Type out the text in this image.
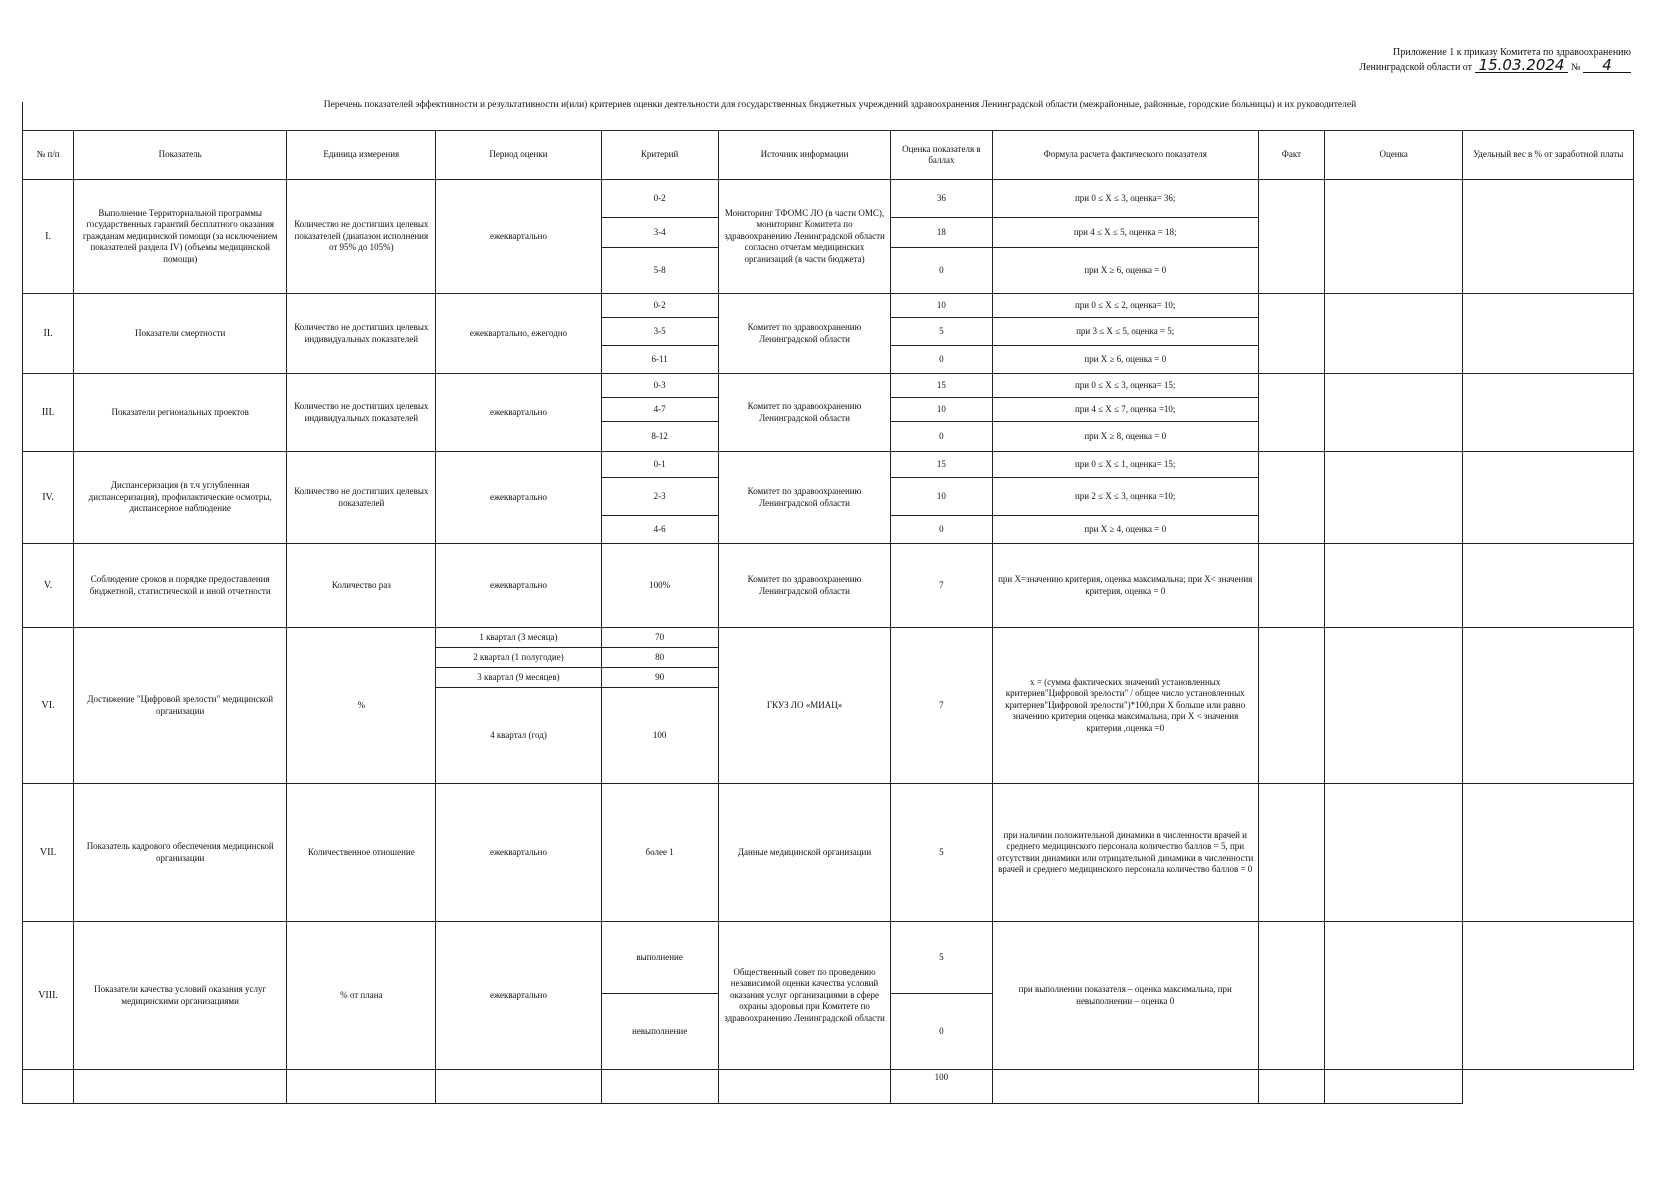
Приложение 1 к приказу Комитета по здравоохранению
Ленинградской области от 15.03.2024 № 4
Перечень показателей эффективности и результативности и(или) критериев оценки деятельности для государственных бюджетных учреждений здравоохранения Ленинградской области (межрайонные, районные, городские больницы) и их руководителей
№ п/п	Показатель	Единица измерения	Период оценки	Критерий	Источник информации	Оценка показателя в баллах	Формула расчета фактического показателя	Факт	Оценка	Удельный вес в % от заработной платы
I.	Выполнение Территориальной программы государственных гарантий бесплатного оказания гражданам медицинской помощи (за исключением показателей раздела IV) (объемы медицинской помощи)	Количество не достигших целевых показателей (диапазон исполнения от 95% до 105%)	ежеквартально	0-2	Мониторинг ТФОМС ЛО (в части ОМС), мониторинг Комитета по здравоохранению Ленинградской области согласно отчетам медицинских организаций (в части бюджета)	36	при 0 ≤ X ≤ 3, оценка= 36;			
				3-4		18	при 4 ≤ X ≤ 5, оценка = 18;			
				5-8		0	при X ≥ 6, оценка = 0			
II.	Показатели смертности	Количество не достигших целевых индивидуальных показателей	ежеквартально, ежегодно	0-2	Комитет по здравоохранению Ленинградской области	10	при 0 ≤ X ≤ 2, оценка= 10;			
				3-5		5	при 3 ≤ X ≤ 5, оценка = 5;			
				6-11		0	при X ≥ 6, оценка = 0			
III.	Показатели региональных проектов	Количество не достигших целевых индивидуальных показателей	ежеквартально	0-3	Комитет по здравоохранению Ленинградской области	15	при 0 ≤ X ≤ 3, оценка= 15;			
				4-7		10	при 4 ≤ X ≤ 7, оценка =10;			
				8-12		0	при X ≥ 8, оценка = 0			
IV.	Диспансеризация (в т.ч углубленная диспансеризация), профилактические осмотры, диспансерное наблюдение	Количество не достигших целевых показателей	ежеквартально	0-1	Комитет по здравоохранению Ленинградской области	15	при 0 ≤ X ≤ 1, оценка= 15;			
				2-3		10	при 2 ≤ X ≤ 3, оценка =10;			
				4-6		0	при X ≥ 4, оценка = 0			
V.	Соблюдение сроков и порядке предоставления бюджетной, статистической и иной отчетности	Количество раз	ежеквартально	100%	Комитет по здравоохранению Ленинградской области	7	при X=значению критерия, оценка максимальна; при X< значения критерия, оценка = 0			
VI.	Достижение "Цифровой зрелости" медицинской организации	%	1 квартал (3 месяца)	70	ГКУЗ ЛО «МИАЦ»	7	x = (сумма фактических значений установленных критериев"Цифровой зрелости" / общее число установленных критериев"Цифровой зрелости")*100,при X больше или равно значению критерия оценка максимальна, при X < значения критерия ,оценка =0			
			2 квартал (1 полугодие)	80						
			3 квартал (9 месяцев)	90						
			4 квартал (год)	100						
VII.	Показатель кадрового обеспечения медицинской организации	Количественное отношение	ежеквартально	более 1	Данные медицинской организации	5	при наличии положительной динамики в численности врачей и среднего медицинского персонала количество баллов = 5, при отсутствии динамики или отрицательной динамики в численности врачей и среднего медицинского персонала количество баллов = 0			
VIII.	Показатели качества условий оказания услуг медицинскими организациями	% от плана	ежеквартально	выполнение	Общественный совет по проведению независимой оценки качества условий оказания услуг организациями в сфере охраны здоровья при Комитете по здравоохранению Ленинградской области	5	при выполнении показателя – оценка максимальна, при невыполнении – оценка 0			
				невыполнение		0				
						100				
